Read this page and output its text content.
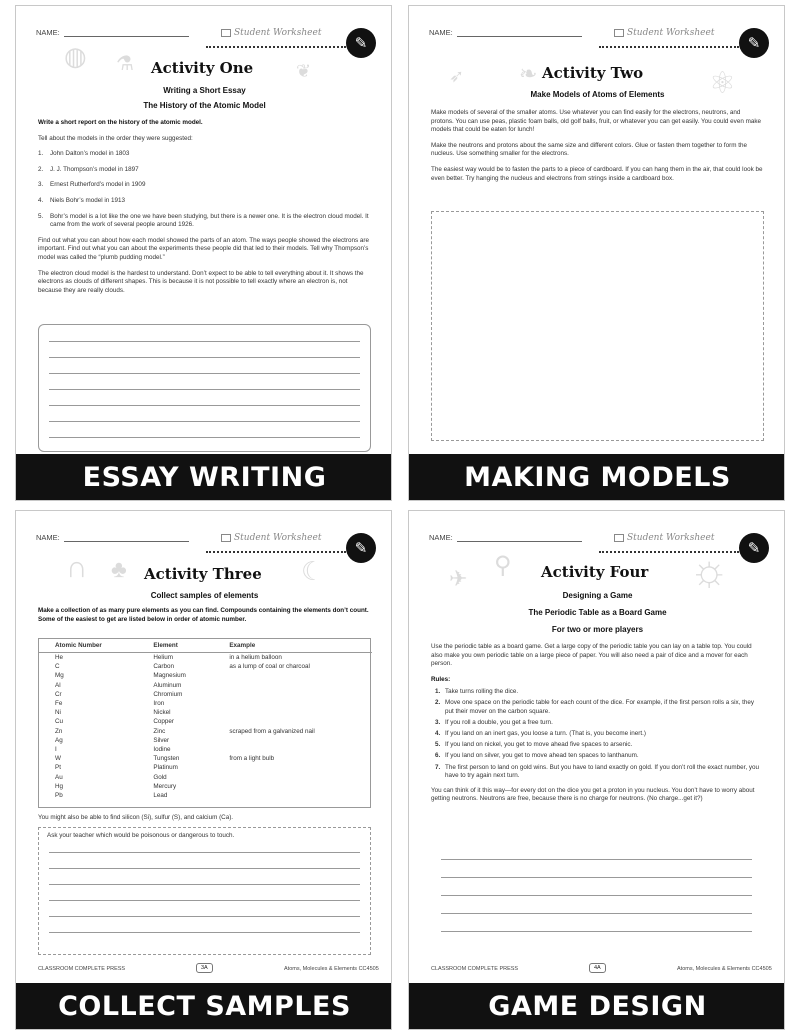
NAME:	Student Worksheet
✎
◍ ⚗	❦
Activity One
Writing a Short Essay
The History of the Atomic Model

Write a short report on the history of the atomic model.

Tell about the models in the order they were suggested:

1. John Dalton’s model in 1803
2. J. J. Thompson’s model in 1897
3. Ernest Rutherford’s model in 1909
4. Niels Bohr’s model in 1913
5.	Bohr’s model is a lot like the one we have been studying, but there is a newer one. It is the electron cloud model. It came from the work of several people around 1926.

Find out what you can about how each model showed the parts of an atom. The ways people showed the electrons are important. Find out what you can about the experiments these people did that led to their models. Tell why Thompson’s model was called the “plumb pudding model.”

The electron cloud model is the hardest to understand. Don’t expect to be able to tell everything about it. It shows the electrons as clouds of different shapes. This is because it is not possible to tell exactly where an electron is, not because they are really clouds.

ESSAY WRITING
NAME:	Student Worksheet
✎
➶ ❧	⚛
Activity Two
Make Models of Atoms of Elements

Make models of several of the smaller atoms. Use whatever you can find easily for the electrons, neutrons, and protons. You can use peas, plastic foam balls, old golf balls, fruit, or whatever you can get easily. You could even make models that could be eaten for lunch!

Make the neutrons and protons about the same size and different colors. Glue or fasten them together to form the nucleus. Use something smaller for the electrons.

The easiest way would be to fasten the parts to a piece of cardboard. If you can hang them in the air, that could look be even better. Try hanging the nucleus and electrons from strings inside a cardboard box.

MAKING MODELS
NAME:	Student Worksheet
✎
∩ ♣	☾
Activity Three
Collect samples of elements
Make a collection of as many pure elements as you can find. Compounds containing the elements don’t count. Some of the easiest to get are listed below in order of atomic number.
Atomic Number	Element	Example
He	Helium	in a helium balloon
C	Carbon	as a lump of coal or charcoal
Mg	Magnesium	
Al	Aluminum	
Cr	Chromium	
Fe	Iron	
Ni	Nickel	
Cu	Copper	
Zn	Zinc	scraped from a galvanized nail
Ag	Silver	
I	Iodine	
W	Tungsten	from a light bulb
Pt	Platinum	
Au	Gold	
Hg	Mercury	
Pb	Lead	
You might also be able to find silicon (Si), sulfur (S), and calcium (Ca).
Ask your teacher which would be poisonous or dangerous to touch.
CLASSROOM COMPLETE PRESS	3A	Atoms, Molecules & Elements CC4505
COLLECT SAMPLES
NAME:	Student Worksheet
✎
✈ ⚲	☼
Activity Four
Designing a Game
The Periodic Table as a Board Game
For two or more players

Use the periodic table as a board game. Get a large copy of the periodic table you can lay on a table top. You could also make you own periodic table on a large piece of paper. You will also need a pair of dice and a mover for each person.

Rules:

1. Take turns rolling the dice.
2. Move one space on the periodic table for each count of the dice. For example, if the first person rolls a six, they put their mover on the carbon square.
3. If you roll a double, you get a free turn.
4. If you land on an inert gas, you loose a turn. (That is, you become inert.)
5. If you land on nickel, you get to move ahead five spaces to arsenic.
6. If you land on silver, you get to move ahead ten spaces to lanthanum.
7. The first person to land on gold wins. But you have to land exactly on gold. If you don’t roll the exact number, you have to try again next turn.

You can think of it this way—for every dot on the dice you get a proton in you nucleus. You don’t have to worry about getting neutrons. Neutrons are free, because there is no charge for neutrons. (No charge...get it?)

CLASSROOM COMPLETE PRESS	4A	Atoms, Molecules & Elements CC4505
GAME DESIGN
